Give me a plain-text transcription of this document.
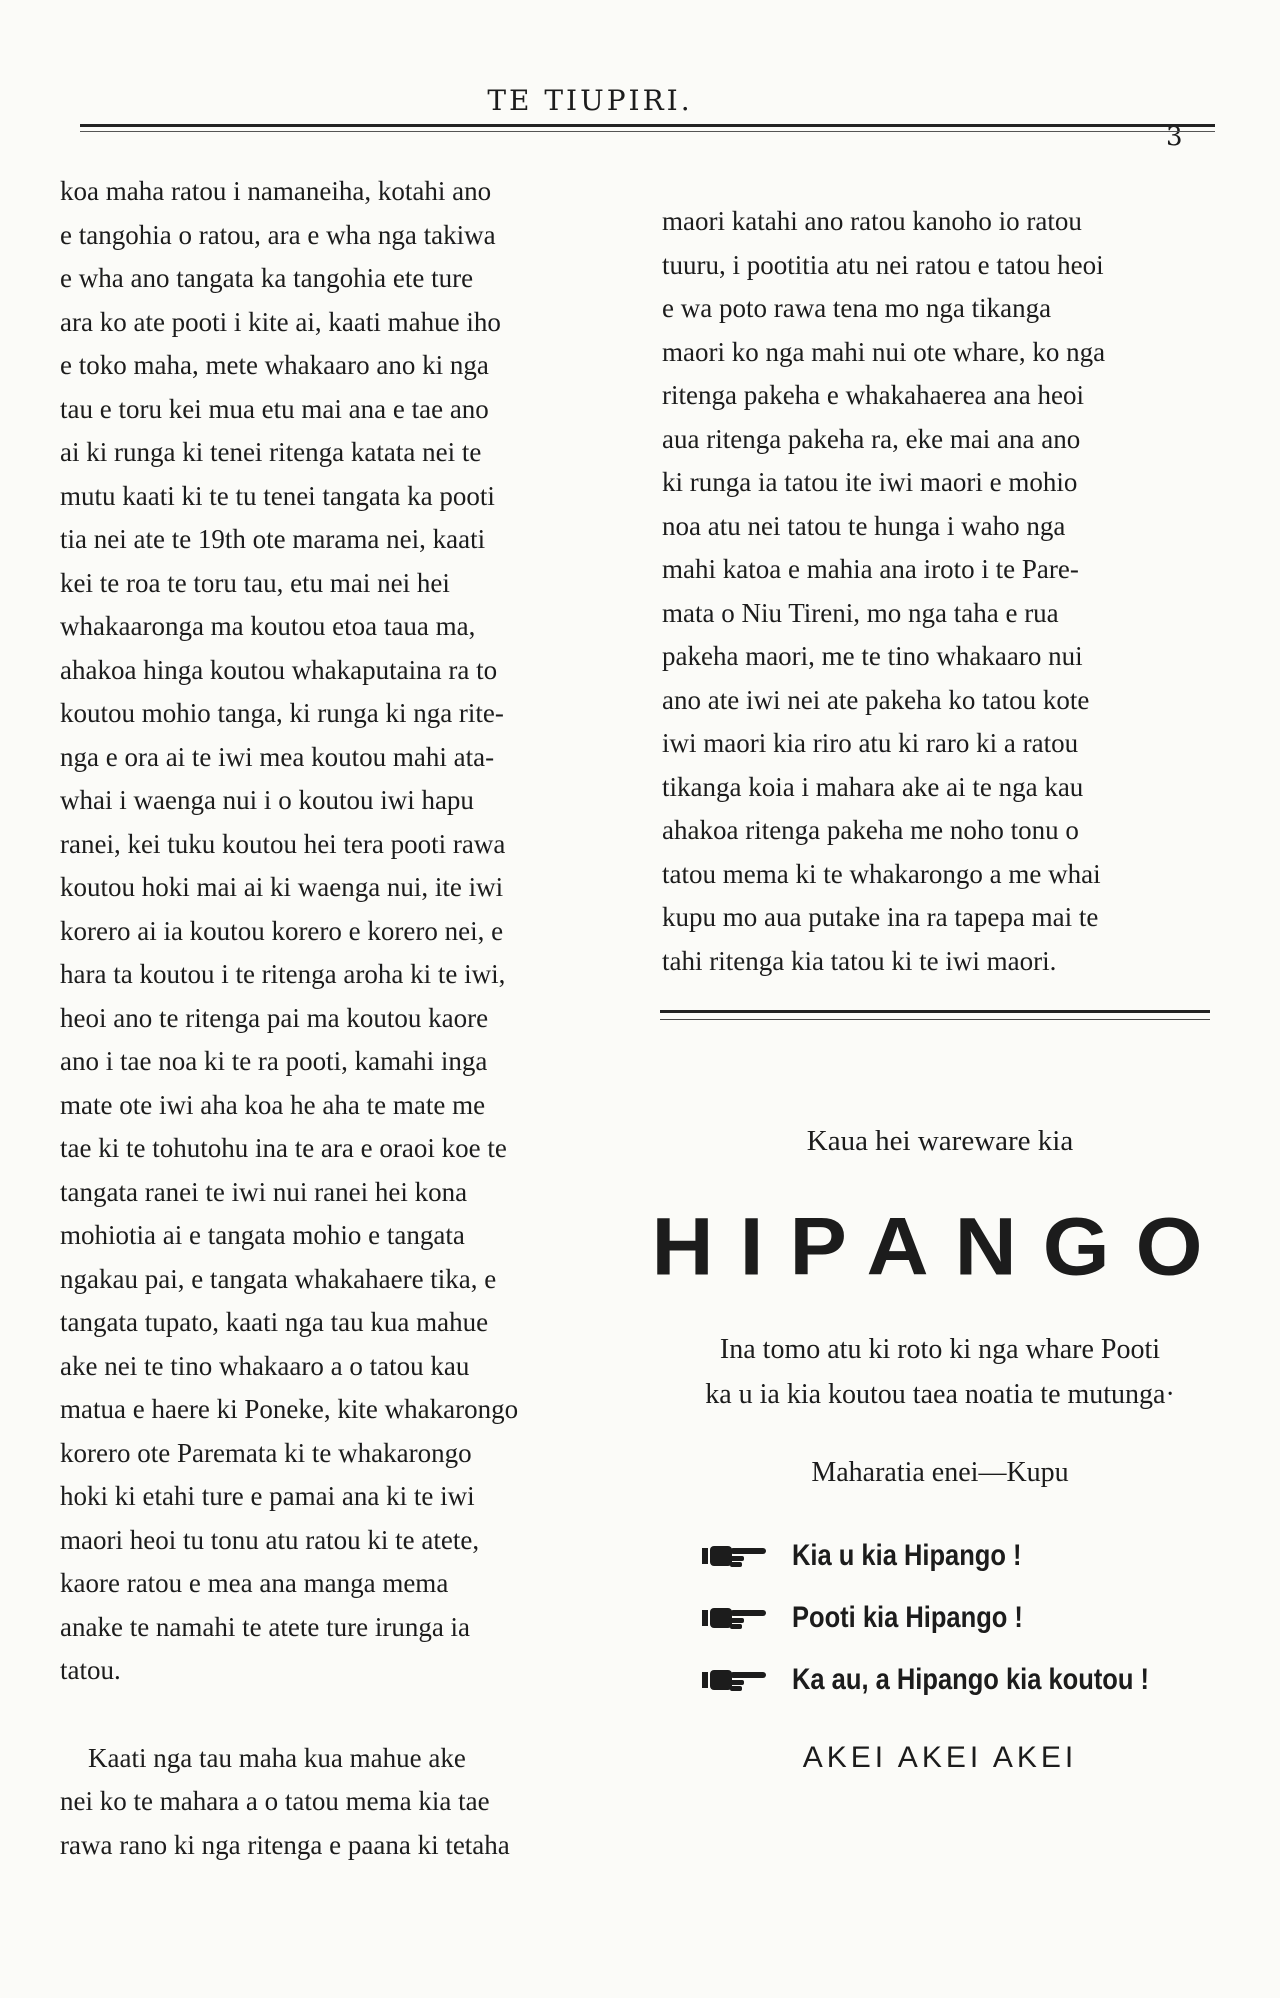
TE TIUPIRI.
3
koa maha ratou i namaneiha, kotahi ano
e tangohia o ratou, ara e wha nga takiwa
e wha ano tangata ka tangohia ete ture
ara ko ate pooti i kite ai, kaati mahue iho
e toko maha, mete whakaaro ano ki nga
tau e toru kei mua etu mai ana e tae ano
ai ki runga ki tenei ritenga katata nei te
mutu kaati ki te tu tenei tangata ka pooti
tia nei ate te 19th ote marama nei, kaati
kei te roa te toru tau, etu mai nei hei
whakaaronga ma koutou etoa taua ma,
ahakoa hinga koutou whakaputaina ra to
koutou mohio tanga, ki runga ki nga rite-
nga e ora ai te iwi mea koutou mahi ata-
whai i waenga nui i o koutou iwi hapu
ranei, kei tuku koutou hei tera pooti rawa
koutou hoki mai ai ki waenga nui, ite iwi
korero ai ia koutou korero e korero nei, e
hara ta koutou i te ritenga aroha ki te iwi,
heoi ano te ritenga pai ma koutou kaore
ano i tae noa ki te ra pooti, kamahi inga
mate ote iwi aha koa he aha te mate me
tae ki te tohutohu ina te ara e oraoi koe te
tangata ranei te iwi nui ranei hei kona
mohiotia ai e tangata mohio e tangata
ngakau pai, e tangata whakahaere tika, e
tangata tupato, kaati nga tau kua mahue
ake nei te tino whakaaro a o tatou kau
matua e haere ki Poneke, kite whakarongo
korero ote Paremata ki te whakarongo
hoki ki etahi ture e pamai ana ki te iwi
maori heoi tu tonu atu ratou ki te atete,
kaore ratou e mea ana manga mema
anake te namahi te atete ture irunga ia
tatou.
Kaati nga tau maha kua mahue ake
nei ko te mahara a o tatou mema kia tae
rawa rano ki nga ritenga e paana ki tetaha
maori katahi ano ratou kanoho io ratou
tuuru, i pootitia atu nei ratou e tatou heoi
e wa poto rawa tena mo nga tikanga
maori ko nga mahi nui ote whare, ko nga
ritenga pakeha e whakahaerea ana heoi
aua ritenga pakeha ra, eke mai ana ano
ki runga ia tatou ite iwi maori e mohio
noa atu nei tatou te hunga i waho nga
mahi katoa e mahia ana iroto i te Pare-
mata o Niu Tireni, mo nga taha e rua
pakeha maori, me te tino whakaaro nui
ano ate iwi nei ate pakeha ko tatou kote
iwi maori kia riro atu ki raro ki a ratou
tikanga koia i mahara ake ai te nga kau
ahakoa ritenga pakeha me noho tonu o
tatou mema ki te whakarongo a me whai
kupu mo aua putake ina ra tapepa mai te
tahi ritenga kia tatou ki te iwi maori.
Kaua hei wareware kia
HIPANGO
Ina tomo atu ki roto ki nga whare Pooti
ka u ia kia koutou taea noatia te mutunga·
Maharatia enei—Kupu
Kia u kia Hipango !
Pooti kia Hipango !
Ka au, a Hipango kia koutou !
AKEI AKEI AKEI
